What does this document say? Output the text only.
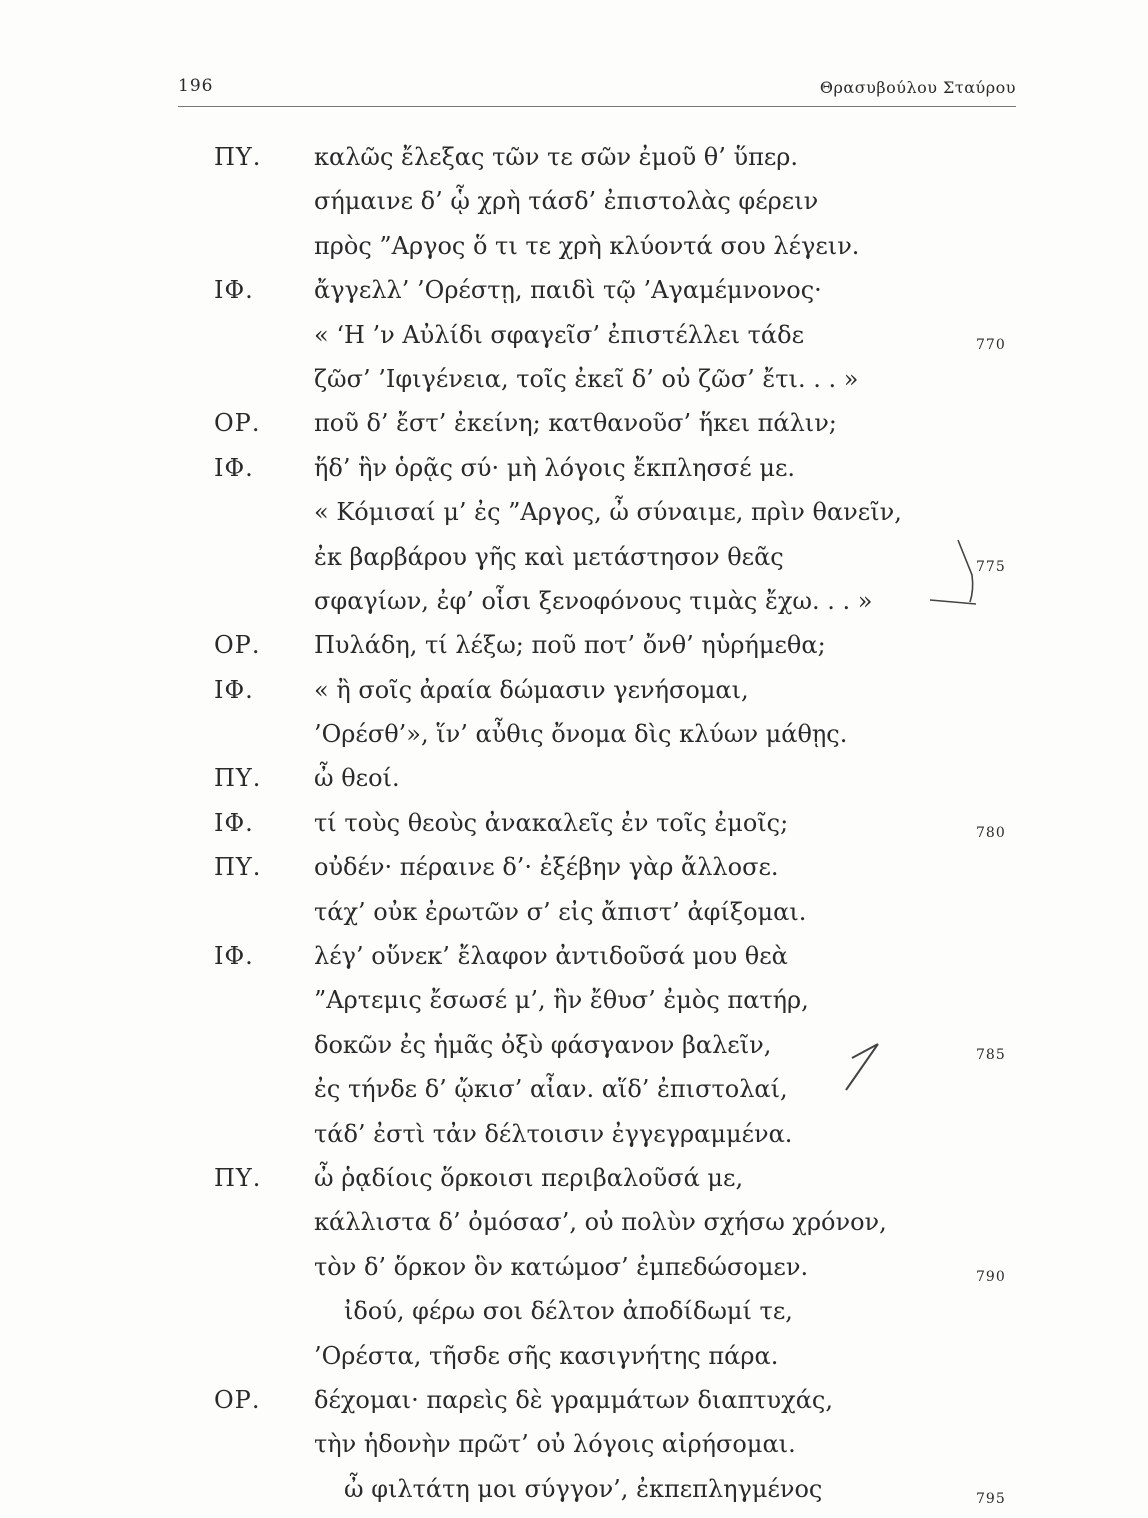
196	Θρασυβούλου Σταύρου
ΠΥ. καλῶς ἔλεξας τῶν τε σῶν ἐμοῦ θ’ ὕπερ.
σήμαινε δ’ ᾧ χρὴ τάσδ’ ἐπιστολὰς φέρειν
πρὸς ”Αργος ὅ τι τε χρὴ κλύοντά σου λέγειν.
ΙΦ.	ἄγγελλ’ ’Ορέστῃ, παιδὶ τῷ ’Αγαμέμνονος·
« ‘Η ’ν Αὐλίδι σφαγεῖσ’ ἐπιστέλλει τάδε	770
ζῶσ’ ’Ιφιγένεια, τοῖς ἐκεῖ δ’ οὐ ζῶσ’ ἔτι. . . »
ΟΡ. ποῦ δ’ ἔστ’ ἐκείνη; κατθανοῦσ’ ἥκει πάλιν;
ΙΦ.	ἥδ’ ἣν ὁρᾷς σύ· μὴ λόγοις ἔκπλησσέ με.
« Κόμισαί μ’ ἐς ”Αργος, ὦ σύναιμε, πρὶν θανεῖν,
ἐκ βαρβάρου γῆς καὶ μετάστησον θεᾶς	775
σφαγίων, ἐφ’ οἷσι ξενοφόνους τιμὰς ἔχω. . . »
ΟΡ. Πυλάδη, τί λέξω; ποῦ ποτ’ ὄνθ’ ηὑρήμεθα;
ΙΦ.	« ἢ σοῖς ἀραία δώμασιν γενήσομαι,
’Ορέσθ’», ἵν’ αὖθις ὄνομα δὶς κλύων μάθῃς.
ΠΥ. ὦ θεοί.
ΙΦ.	τί τοὺς θεοὺς ἀνακαλεῖς ἐν τοῖς ἐμοῖς;	780
ΠΥ. οὐδέν· πέραινε δ’· ἐξέβην γὰρ ἄλλοσε.
τάχ’ οὐκ ἐρωτῶν σ’ εἰς ἄπιστ’ ἀφίξομαι.
ΙΦ.	λέγ’ οὕνεκ’ ἔλαφον ἀντιδοῦσά μου θεὰ
”Αρτεμις ἔσωσέ μ’, ἣν ἔθυσ’ ἐμὸς πατήρ,
δοκῶν ἐς ἡμᾶς ὀξὺ φάσγανον βαλεῖν,	785
ἐς τήνδε δ’ ᾤκισ’ αἶαν. αἵδ’ ἐπιστολαί,
τάδ’ ἐστὶ τἀν δέλτοισιν ἐγγεγραμμένα.
ΠΥ. ὦ ῥᾳδίοις ὅρκοισι περιβαλοῦσά με,
κάλλιστα δ’ ὀμόσασ’, οὐ πολὺν σχήσω χρόνον,
τὸν δ’ ὅρκον ὃν κατώμοσ’ ἐμπεδώσομεν.	790
ἰδού, φέρω σοι δέλτον ἀποδίδωμί τε,
’Ορέστα, τῆσδε σῆς κασιγνήτης πάρα.
ΟΡ. δέχομαι· παρεὶς δὲ γραμμάτων διαπτυχάς,
τὴν ἡδονὴν πρῶτ’ οὐ λόγοις αἱρήσομαι.
ὦ φιλτάτη μοι σύγγον’, ἐκπεπληγμένος	795
